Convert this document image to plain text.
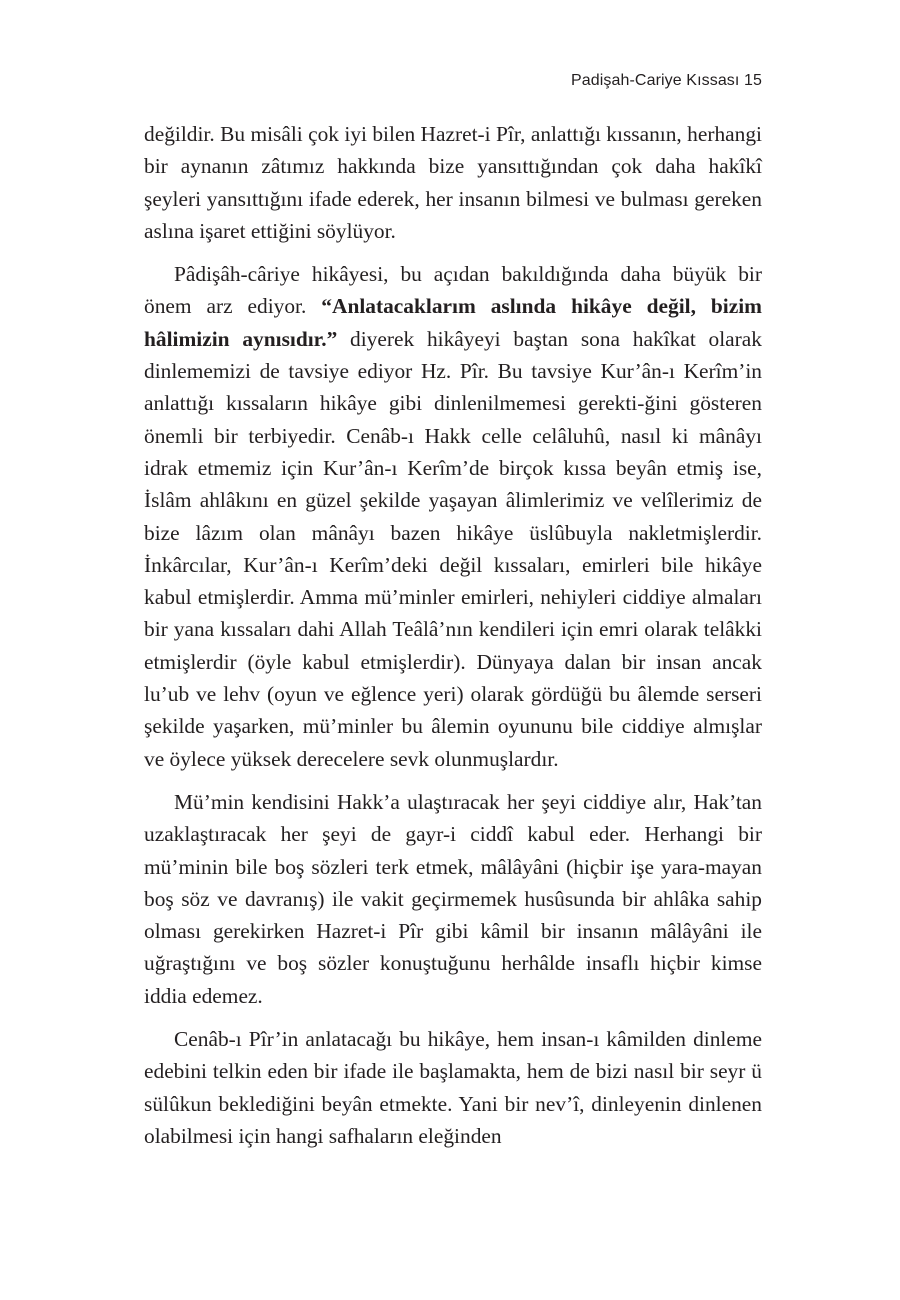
Padişah-Cariye Kıssası 15

değildir. Bu misâli çok iyi bilen Hazret-i Pîr, anlattığı kıssanın, herhangi bir aynanın zâtımız hakkında bize yansıttığından çok daha hakîkî şeyleri yansıttığını ifade ederek, her insanın bilmesi ve bulması gereken aslına işaret ettiğini söylüyor.

Pâdişâh-câriye hikâyesi, bu açıdan bakıldığında daha büyük bir önem arz ediyor. “Anlatacaklarım aslında hikâye değil, bizim hâlimizin aynısıdır.” diyerek hikâyeyi baştan sona hakîkat olarak dinlememizi de tavsiye ediyor Hz. Pîr. Bu tavsiye Kur’ân-ı Kerîm’in anlattığı kıssaların hikâye gibi dinlenilmemesi gerekti-ğini gösteren önemli bir terbiyedir. Cenâb-ı Hakk celle celâluhû, nasıl ki mânâyı idrak etmemiz için Kur’ân-ı Kerîm’de birçok kıssa beyân etmiş ise, İslâm ahlâkını en güzel şekilde yaşayan âlimlerimiz ve velîlerimiz de bize lâzım olan mânâyı bazen hikâye üslûbuyla nakletmişlerdir. İnkârcılar, Kur’ân-ı Kerîm’deki değil kıssaları, emirleri bile hikâye kabul etmişlerdir. Amma mü’minler emirleri, nehiyleri ciddiye almaları bir yana kıssaları dahi Allah Teâlâ’nın kendileri için emri olarak telâkki etmişlerdir (öyle kabul etmişlerdir). Dünyaya dalan bir insan ancak lu’ub ve lehv (oyun ve eğlence yeri) olarak gördüğü bu âlemde serseri şekilde yaşarken, mü’minler bu âlemin oyununu bile ciddiye almışlar ve öylece yüksek derecelere sevk olunmuşlardır.

Mü’min kendisini Hakk’a ulaştıracak her şeyi ciddiye alır, Hak’tan uzaklaştıracak her şeyi de gayr-i ciddî kabul eder. Herhangi bir mü’minin bile boş sözleri terk etmek, mâlâyâni (hiçbir işe yara-mayan boş söz ve davranış) ile vakit geçirmemek husûsunda bir ahlâka sahip olması gerekirken Hazret-i Pîr gibi kâmil bir insanın mâlâyâni ile uğraştığını ve boş sözler konuştuğunu herhâlde insaflı hiçbir kimse iddia edemez.

Cenâb-ı Pîr’in anlatacağı bu hikâye, hem insan-ı kâmilden dinleme edebini telkin eden bir ifade ile başlamakta, hem de bizi nasıl bir seyr ü sülûkun beklediğini beyân etmekte. Yani bir nev’î, dinleyenin dinlenen olabilmesi için hangi safhaların eleğinden
